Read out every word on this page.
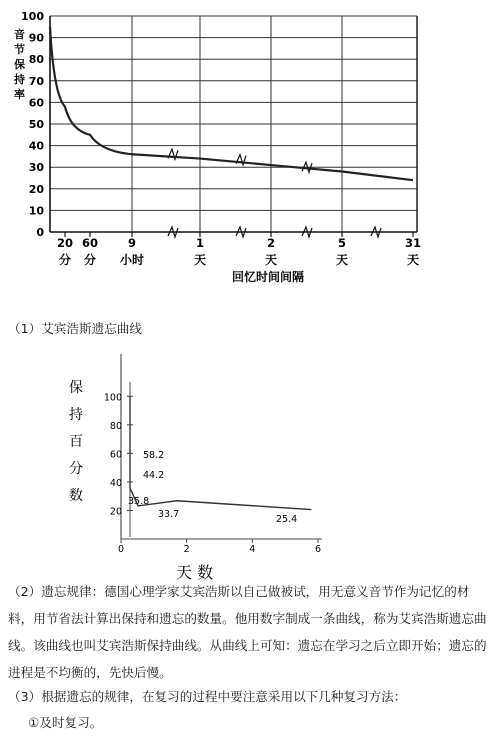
0
10
20
30
40
50
60
70
80
90
100
20
分
60
分
9
小时
1
天
2
天
5
天
31
天
音节保持率
回忆时间间隔
（1）艾宾浩斯遗忘曲线
20
40
60
80
100
0	2	4	6
保
持
百
分
数
58.2
44.2
35.8
33.7	25.4
天 数
（2）遗忘规律：德国心理学家艾宾浩斯以自己做被试，用无意义音节作为记忆的材料，用节省法计算出保持和遗忘的数量。他用数字制成一条曲线，称为艾宾浩斯遗忘曲线。该曲线也叫艾宾浩斯保持曲线。从曲线上可知：遗忘在学习之后立即开始；遗忘的进程是不均衡的，先快后慢。
（3）根据遗忘的规律，在复习的过程中要注意采用以下几种复习方法：
①及时复习。
